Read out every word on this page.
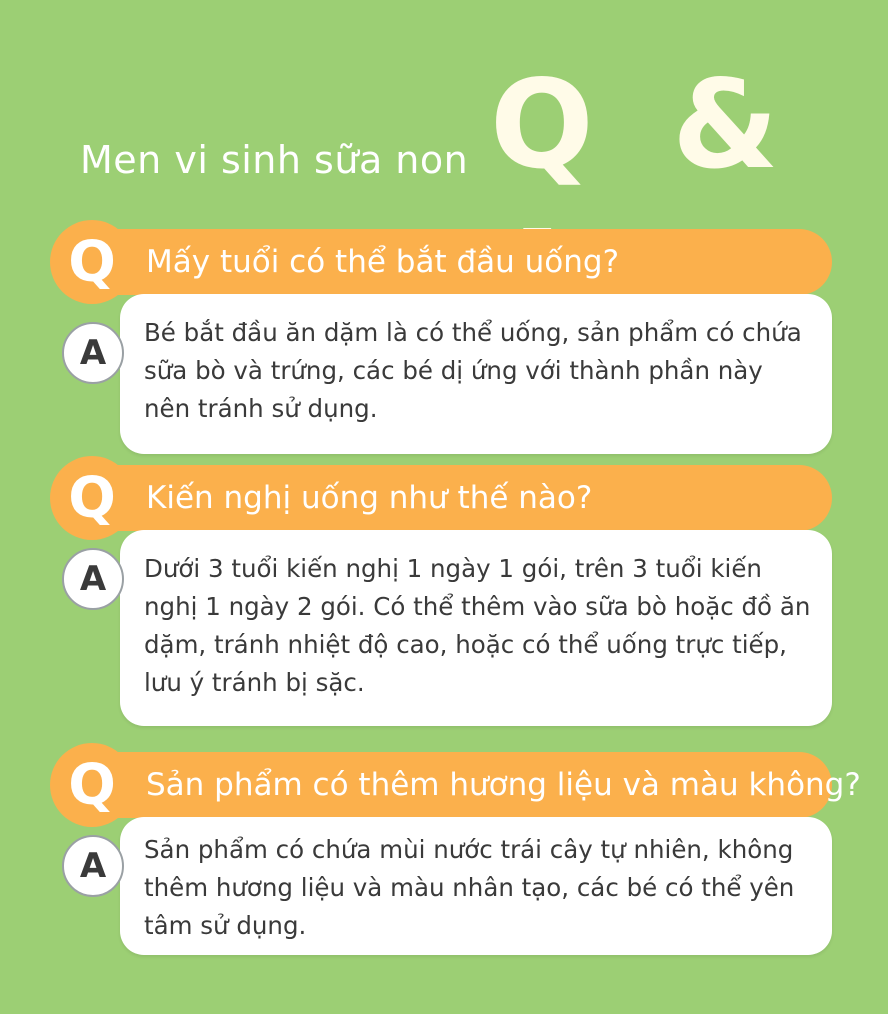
Men vi sinh sữa non Q &
Mấy tuổi có thể bắt đầu uống?
Q
Bé bắt đầu ăn dặm là có thể uống, sản phẩm có chứa sữa bò và trứng, các bé dị ứng với thành phần này nên tránh sử dụng.
A
Kiến nghị uống như thế nào?
Q
Dưới 3 tuổi kiến nghị 1 ngày 1 gói, trên 3 tuổi kiến nghị 1 ngày 2 gói. Có thể thêm vào sữa bò hoặc đồ ăn dặm, tránh nhiệt độ cao, hoặc có thể uống trực tiếp, lưu ý tránh bị sặc.
A
Sản phẩm có thêm hương liệu và màu không?
Q
Sản phẩm có chứa mùi nước trái cây tự nhiên, không thêm hương liệu và màu nhân tạo, các bé có thể yên tâm sử dụng.
A
